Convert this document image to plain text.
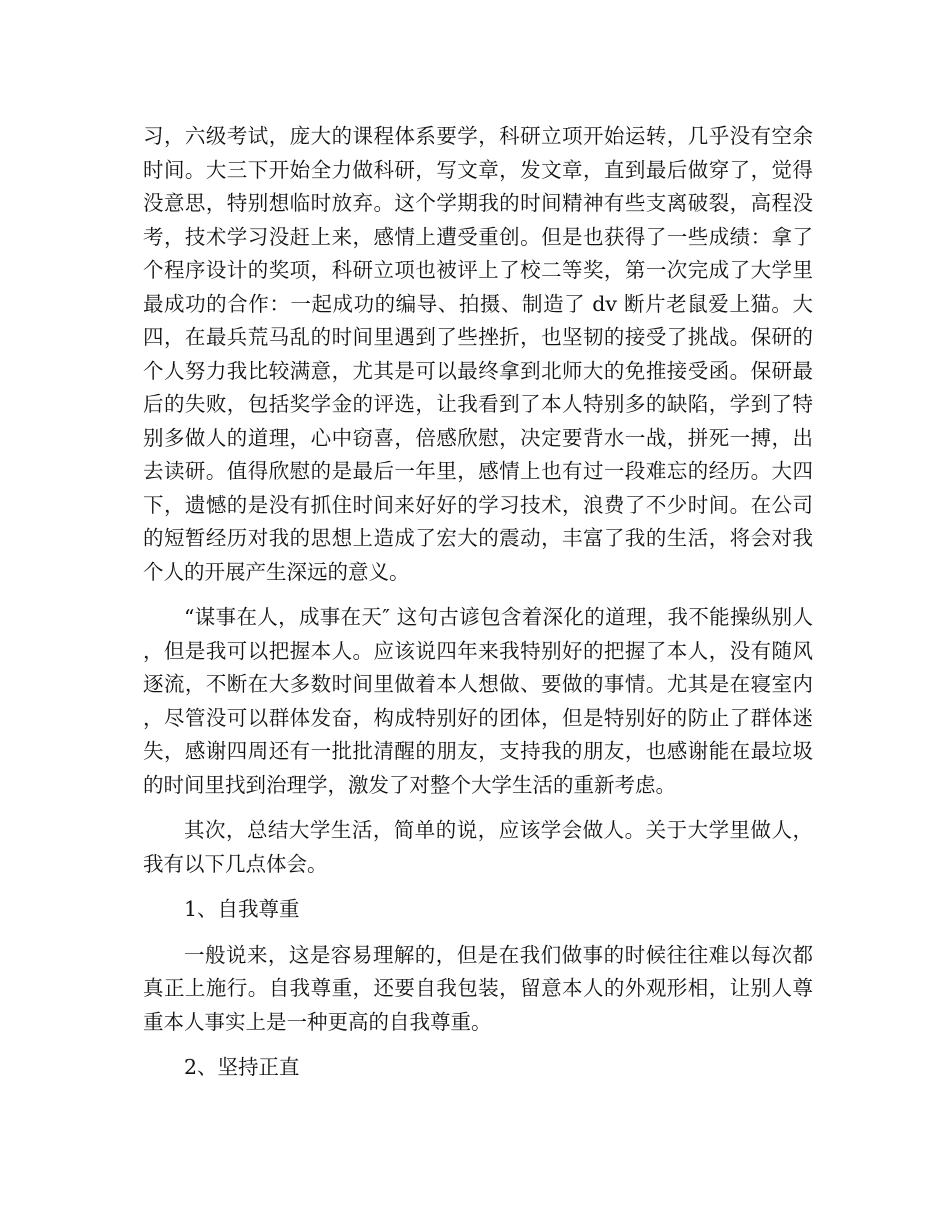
习，六级考试，庞大的课程体系要学，科研立项开始运转，几乎没有空余时间。大三下开始全力做科研，写文章，发文章，直到最后做穿了，觉得没意思，特别想临时放弃。这个学期我的时间精神有些支离破裂，高程没考，技术学习没赶上来，感情上遭受重创。但是也获得了一些成绩：拿了个程序设计的奖项，科研立项也被评上了校二等奖，第一次完成了大学里最成功的合作：一起成功的编导、拍摄、制造了 dv 断片老鼠爱上猫。大四，在最兵荒马乱的时间里遇到了些挫折，也坚韧的接受了挑战。保研的个人努力我比较满意，尤其是可以最终拿到北师大的免推接受函。保研最后的失败，包括奖学金的评选，让我看到了本人特别多的缺陷，学到了特别多做人的道理，心中窃喜，倍感欣慰，决定要背水一战，拼死一搏，出去读研。值得欣慰的是最后一年里，感情上也有过一段难忘的经历。大四下，遗憾的是没有抓住时间来好好的学习技术，浪费了不少时间。在公司的短暂经历对我的思想上造成了宏大的震动，丰富了我的生活，将会对我个人的开展产生深远的意义。

“谋事在人，成事在天″ 这句古谚包含着深化的道理，我不能操纵别人，但是我可以把握本人。应该说四年来我特别好的把握了本人，没有随风逐流，不断在大多数时间里做着本人想做、要做的事情。尤其是在寝室内，尽管没可以群体发奋，构成特别好的团体，但是特别好的防止了群体迷失，感谢四周还有一批批清醒的朋友，支持我的朋友，也感谢能在最垃圾的时间里找到治理学，激发了对整个大学生活的重新考虑。

其次，总结大学生活，简单的说，应该学会做人。关于大学里做人，我有以下几点体会。

1、自我尊重

一般说来，这是容易理解的，但是在我们做事的时候往往难以每次都真正上施行。自我尊重，还要自我包装，留意本人的外观形相，让别人尊重本人事实上是一种更高的自我尊重。

2、坚持正直
